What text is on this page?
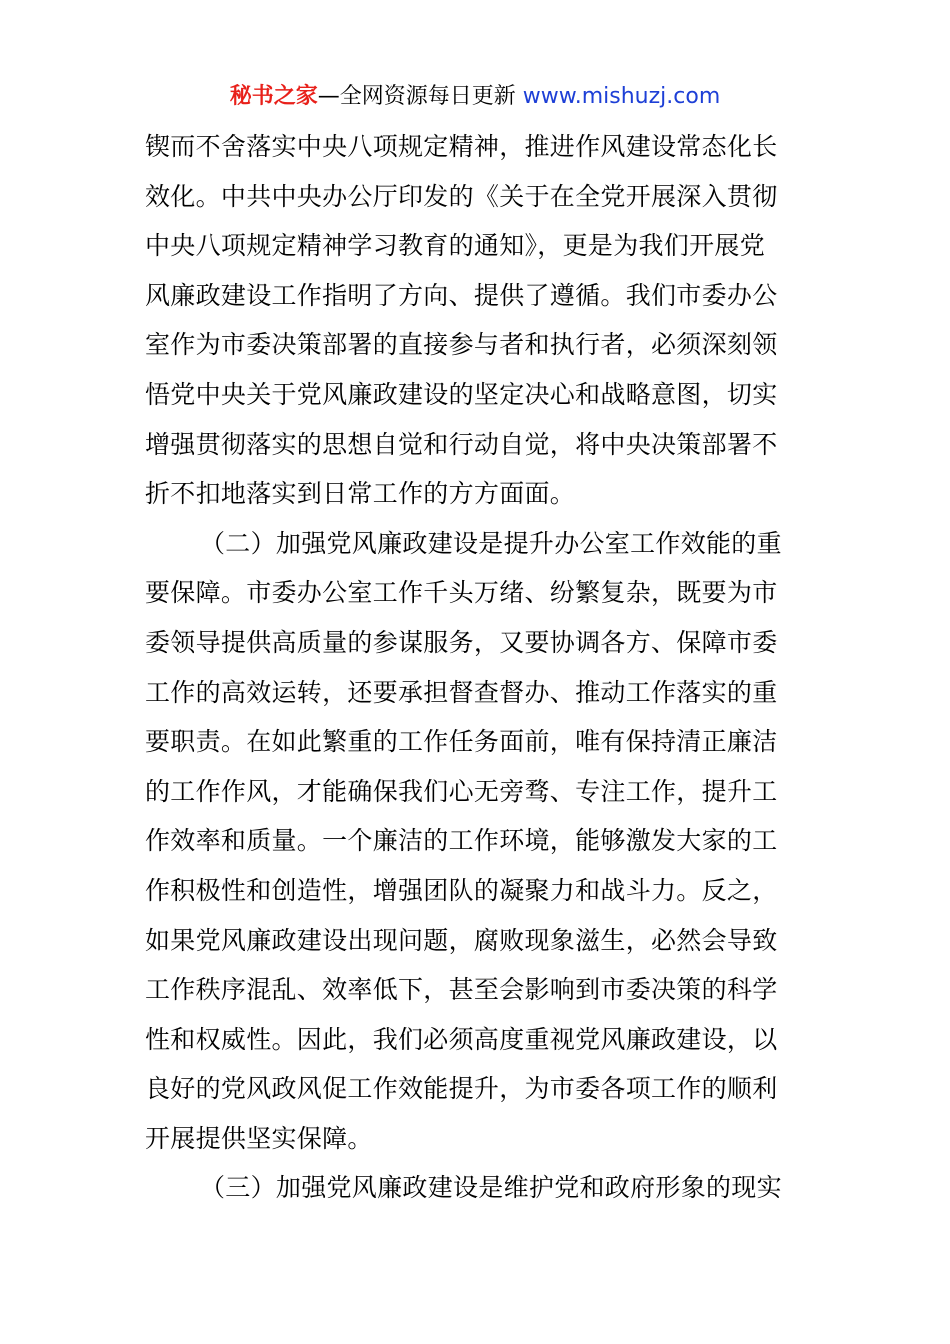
秘书之家—全网资源每日更新 www.mishuzj.com
锲而不舍落实中央八项规定精神，推进作风建设常态化长
效化。中共中央办公厅印发的《关于在全党开展深入贯彻
中央八项规定精神学习教育的通知》，更是为我们开展党
风廉政建设工作指明了方向、提供了遵循。我们市委办公
室作为市委决策部署的直接参与者和执行者，必须深刻领
悟党中央关于党风廉政建设的坚定决心和战略意图，切实
增强贯彻落实的思想自觉和行动自觉，将中央决策部署不
折不扣地落实到日常工作的方方面面。
（二）加强党风廉政建设是提升办公室工作效能的重
要保障。市委办公室工作千头万绪、纷繁复杂，既要为市
委领导提供高质量的参谋服务，又要协调各方、保障市委
工作的高效运转，还要承担督查督办、推动工作落实的重
要职责。在如此繁重的工作任务面前，唯有保持清正廉洁
的工作作风，才能确保我们心无旁骛、专注工作，提升工
作效率和质量。一个廉洁的工作环境，能够激发大家的工
作积极性和创造性，增强团队的凝聚力和战斗力。反之，
如果党风廉政建设出现问题，腐败现象滋生，必然会导致
工作秩序混乱、效率低下，甚至会影响到市委决策的科学
性和权威性。因此，我们必须高度重视党风廉政建设，以
良好的党风政风促工作效能提升，为市委各项工作的顺利
开展提供坚实保障。
（三）加强党风廉政建设是维护党和政府形象的现实
